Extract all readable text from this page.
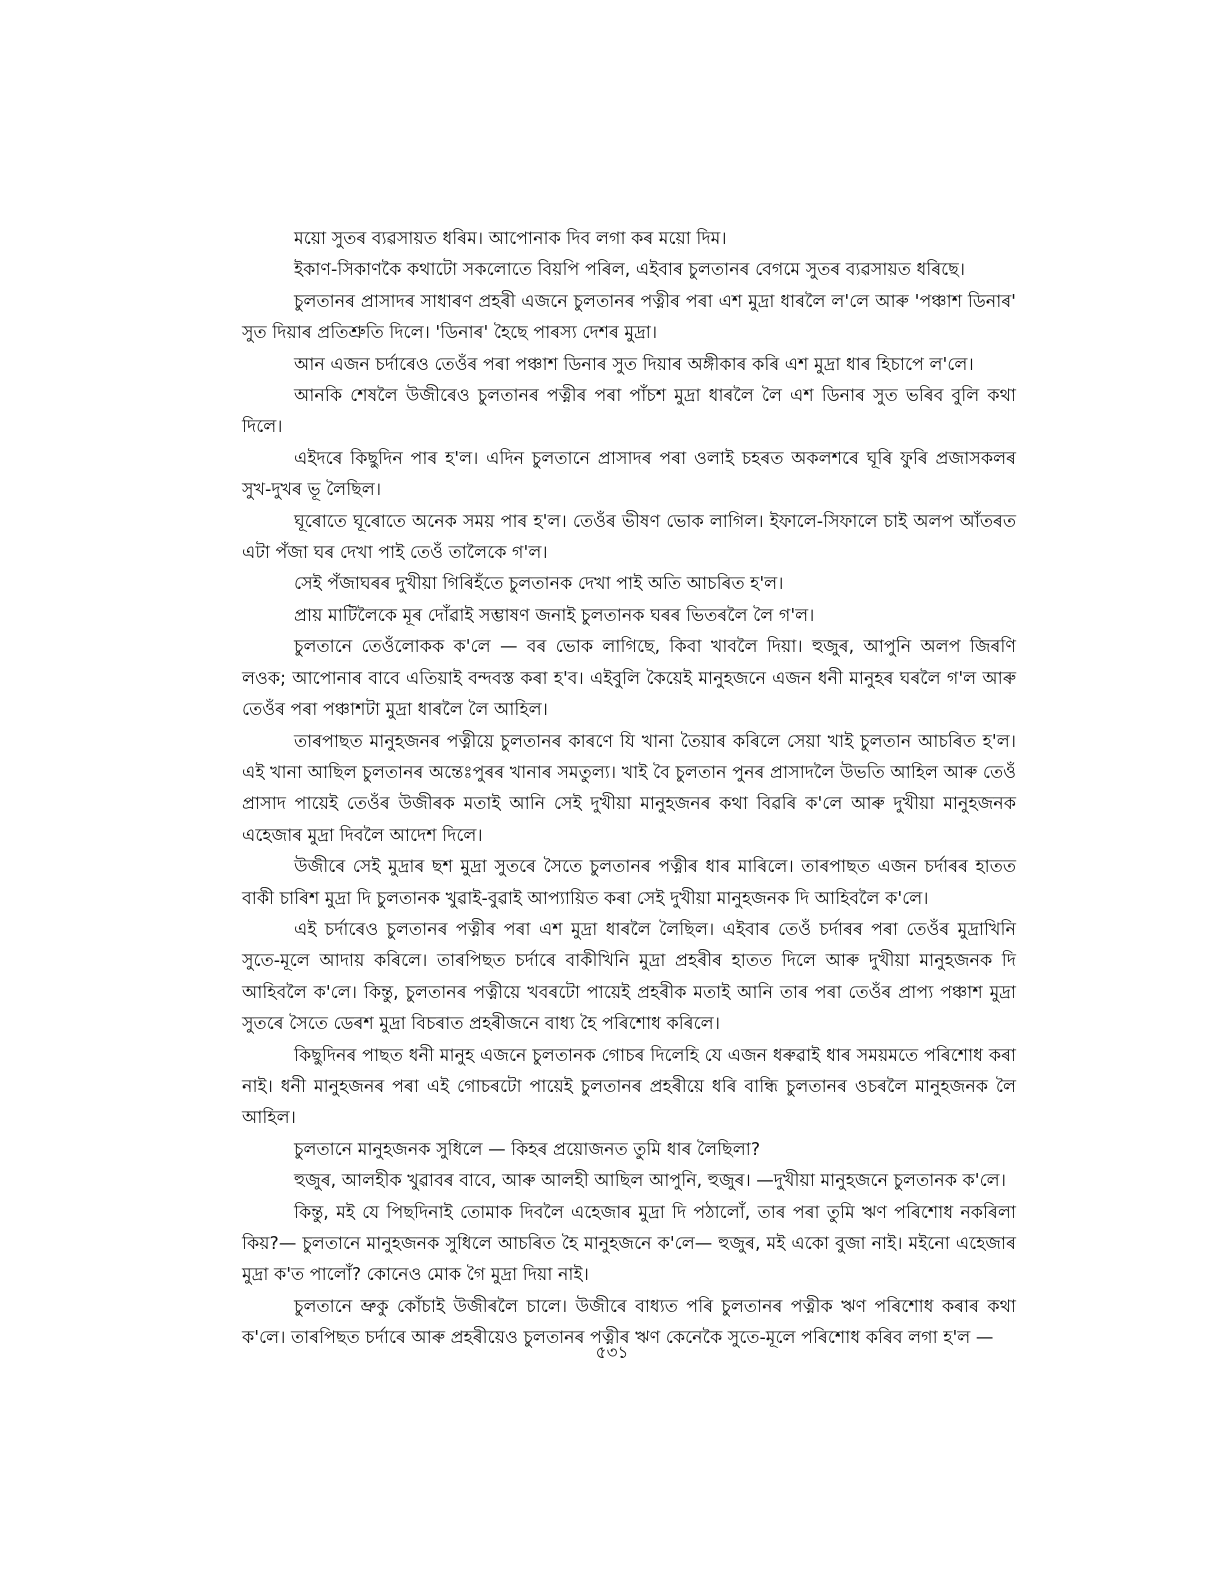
ময়ো সুতৰ ব্যৱসায়ত ধৰিম। আপোনাক দিব লগা কৰ ময়ো দিম।

ইকাণ-সিকাণকৈ কথাটো সকলোতে বিয়পি পৰিল, এইবাৰ চুলতানৰ বেগমে সুতৰ ব্যৱসায়ত ধৰিছে।

চুলতানৰ প্ৰাসাদৰ সাধাৰণ প্ৰহৰী এজনে চুলতানৰ পত্নীৰ পৰা এশ মুদ্ৰা ধাৰলৈ ল'লে আৰু 'পঞ্চাশ ডিনাৰ' সুত দিয়াৰ প্ৰতিশ্ৰুতি দিলে। 'ডিনাৰ' হৈছে পাৰস্য দেশৰ মুদ্ৰা।

আন এজন চৰ্দাৰেও তেওঁৰ পৰা পঞ্চাশ ডিনাৰ সুত দিয়াৰ অঙ্গীকাৰ কৰি এশ মুদ্ৰা ধাৰ হিচাপে ল'লে।

আনকি শেষলৈ উজীৰেও চুলতানৰ পত্নীৰ পৰা পাঁচশ মুদ্ৰা ধাৰলৈ লৈ এশ ডিনাৰ সুত ভৰিব বুলি কথা দিলে।

এইদৰে কিছুদিন পাৰ হ'ল। এদিন চুলতানে প্ৰাসাদৰ পৰা ওলাই চহৰত অকলশৰে ঘূৰি ফুৰি প্ৰজাসকলৰ সুখ-দুখৰ ভূ লৈছিল।

ঘূৰোতে ঘূৰোতে অনেক সময় পাৰ হ'ল। তেওঁৰ ভীষণ ভোক লাগিল। ইফালে-সিফালে চাই অলপ আঁতৰত এটা পঁজা ঘৰ দেখা পাই তেওঁ তালৈকে গ'ল।

সেই পঁজাঘৰৰ দুখীয়া গিৰিহঁতে চুলতানক দেখা পাই অতি আচৰিত হ'ল।

প্ৰায় মাটিলৈকে মূৰ দোঁৱাই সম্ভাষণ জনাই চুলতানক ঘৰৰ ভিতৰলৈ লৈ গ'ল।

চুলতানে তেওঁলোকক ক'লে — বৰ ভোক লাগিছে, কিবা খাবলৈ দিয়া। হুজুৰ, আপুনি অলপ জিৰণি লওক; আপোনাৰ বাবে এতিয়াই বন্দবস্ত কৰা হ'ব। এইবুলি কৈয়েই মানুহজনে এজন ধনী মানুহৰ ঘৰলৈ গ'ল আৰু তেওঁৰ পৰা পঞ্চাশটা মুদ্ৰা ধাৰলৈ লৈ আহিল।

তাৰপাছত মানুহজনৰ পত্নীয়ে চুলতানৰ কাৰণে যি খানা তৈয়াৰ কৰিলে সেয়া খাই চুলতান আচৰিত হ'ল। এই খানা আছিল চুলতানৰ অন্তেঃপুৰৰ খানাৰ সমতুল্য। খাই বৈ চুলতান পুনৰ প্ৰাসাদলৈ উভতি আহিল আৰু তেওঁ প্ৰাসাদ পায়েই তেওঁৰ উজীৰক মতাই আনি সেই দুখীয়া মানুহজনৰ কথা বিৱৰি ক'লে আৰু দুখীয়া মানুহজনক এহেজাৰ মুদ্ৰা দিবলৈ আদেশ দিলে।

উজীৰে সেই মুদ্ৰাৰ ছশ মুদ্ৰা সুতৰে সৈতে চুলতানৰ পত্নীৰ ধাৰ মাৰিলে। তাৰপাছত এজন চৰ্দাৰৰ হাতত বাকী চাৰিশ মুদ্ৰা দি চুলতানক খুৱাই-বুৱাই আপ্যায়িত কৰা সেই দুখীয়া মানুহজনক দি আহিবলৈ ক'লে।

এই চৰ্দাৰেও চুলতানৰ পত্নীৰ পৰা এশ মুদ্ৰা ধাৰলৈ লৈছিল। এইবাৰ তেওঁ চৰ্দাৰৰ পৰা তেওঁৰ মুদ্ৰাখিনি সুতে-মূলে আদায় কৰিলে। তাৰপিছত চৰ্দাৰে বাকীখিনি মুদ্ৰা প্ৰহৰীৰ হাতত দিলে আৰু দুখীয়া মানুহজনক দি আহিবলৈ ক'লে। কিন্তু, চুলতানৰ পত্নীয়ে খবৰটো পায়েই প্ৰহৰীক মতাই আনি তাৰ পৰা তেওঁৰ প্ৰাপ্য পঞ্চাশ মুদ্ৰা সুতৰে সৈতে ডেৰশ মুদ্ৰা বিচৰাত প্ৰহৰীজনে বাধ্য হৈ পৰিশোধ কৰিলে।

কিছুদিনৰ পাছত ধনী মানুহ এজনে চুলতানক গোচৰ দিলেহি যে এজন ধৰুৱাই ধাৰ সময়মতে পৰিশোধ কৰা নাই। ধনী মানুহজনৰ পৰা এই গোচৰটো পায়েই চুলতানৰ প্ৰহৰীয়ে ধৰি বান্ধি চুলতানৰ ওচৰলৈ মানুহজনক লৈ আহিল।

চুলতানে মানুহজনক সুধিলে — কিহৰ প্ৰয়োজনত তুমি ধাৰ লৈছিলা?

হুজুৰ, আলহীক খুৱাবৰ বাবে, আৰু আলহী আছিল আপুনি, হুজুৰ। —দুখীয়া মানুহজনে চুলতানক ক'লে।

কিন্তু, মই যে পিছদিনাই তোমাক দিবলৈ এহেজাৰ মুদ্ৰা দি পঠালোঁ, তাৰ পৰা তুমি ঋণ পৰিশোধ নকৰিলা কিয়?— চুলতানে মানুহজনক সুধিলে আচৰিত হৈ মানুহজনে ক'লে— হুজুৰ, মই একো বুজা নাই। মইনো এহেজাৰ মুদ্ৰা ক'ত পালোঁ? কোনেও মোক গৈ মুদ্ৰা দিয়া নাই।

চুলতানে ভ্ৰুকু কোঁচাই উজীৰলৈ চালে। উজীৰে বাধ্যত পৰি চুলতানৰ পত্নীক ঋণ পৰিশোধ কৰাৰ কথা ক'লে। তাৰপিছত চৰ্দাৰে আৰু প্ৰহৰীয়েও চুলতানৰ পত্নীৰ ঋণ কেনেকৈ সুতে-মূলে পৰিশোধ কৰিব লগা হ'ল —

৫৩১
